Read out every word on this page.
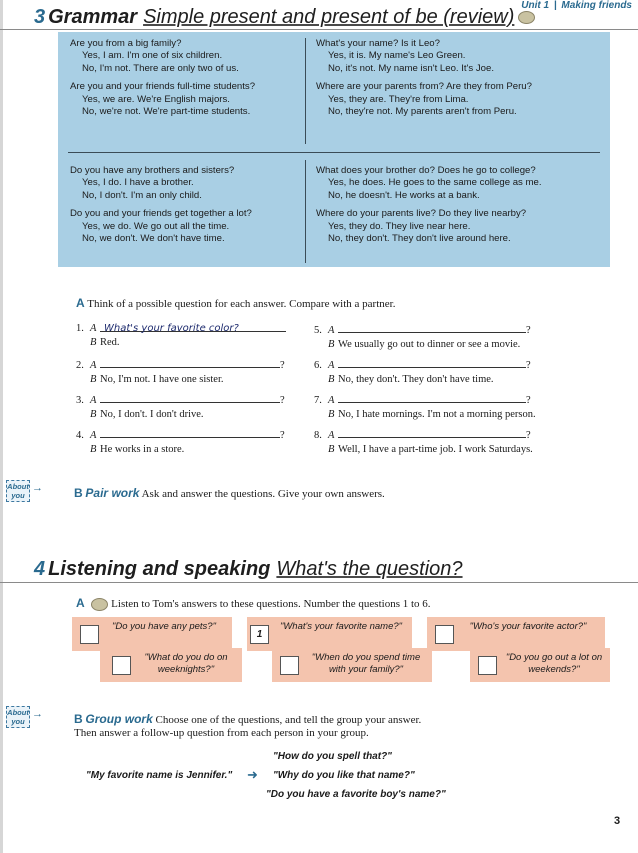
Unit 1 | Making friends
3 Grammar Simple present and present of be (review)

Are you from a big family?

Yes, I am. I'm one of six children.

No, I'm not. There are only two of us.

Are you and your friends full-time students?

Yes, we are. We're English majors.

No, we're not. We're part-time students.

What's your name? Is it Leo?

Yes, it is. My name's Leo Green.

No, it's not. My name isn't Leo. It's Joe.

Where are your parents from? Are they from Peru?

Yes, they are. They're from Lima.

No, they're not. My parents aren't from Peru.

Do you have any brothers and sisters?

Yes, I do. I have a brother.

No, I don't. I'm an only child.

Do you and your friends get together a lot?

Yes, we do. We go out all the time.

No, we don't. We don't have time.

What does your brother do? Does he go to college?

Yes, he does. He goes to the same college as me.

No, he doesn't. He works at a bank.

Where do your parents live? Do they live nearby?

Yes, they do. They live near here.

No, they don't. They don't live around here.

A Think of a possible question for each answer. Compare with a partner.
1. A What's your favorite color?
B Red.
2. A	?
B No, I'm not. I have one sister.
3. A	?
B No, I don't. I don't drive.
4. A	?
B He works in a store.
5. A	?
B We usually go out to dinner or see a movie.
6. A	?
B No, they don't. They don't have time.
7. A	?
B No, I hate mornings. I'm not a morning person.
8. A	?
B Well, I have a part-time job. I work Saturdays.
About
you
→	B Pair work Ask and answer the questions. Give your own answers.
4 Listening and speaking What's the question?
A Listen to Tom's answers to these questions. Number the questions 1 to 6.
"Do you have any pets?"
1
"What's your favorite name?"	"Who's your favorite actor?"
"What do you do on weeknights?"
"When do you spend time with your family?"
"Do you go out a lot on weekends?"
About
you
→	B Group work Choose one of the questions, and tell the group your answer.
Then answer a follow-up question from each person in your group.
"My favorite name is Jennifer." ➜
"How do you spell that?"
"Why do you like that name?"
"Do you have a favorite boy's name?"
3
